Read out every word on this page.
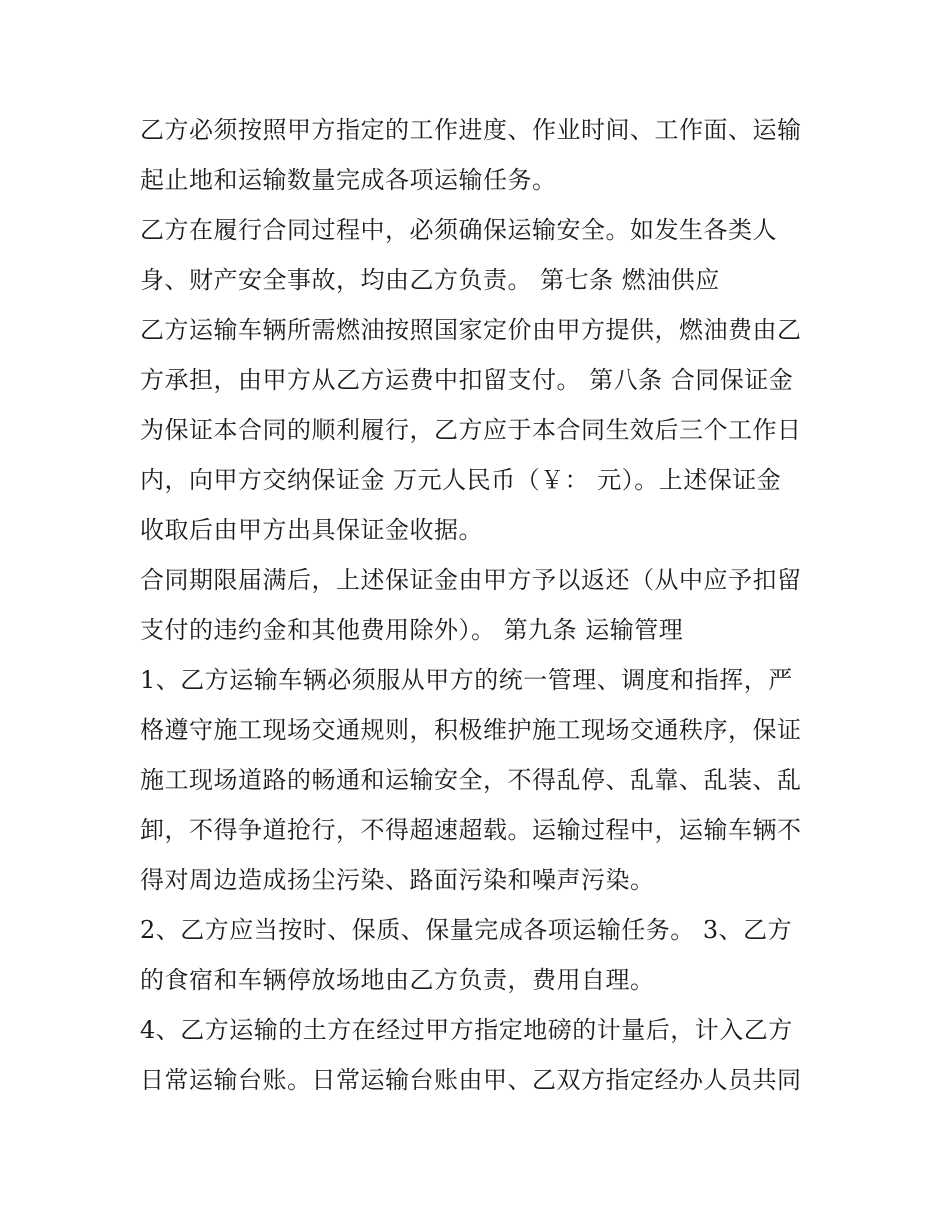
乙方必须按照甲方指定的工作进度、作业时间、工作面、运输
起止地和运输数量完成各项运输任务。
乙方在履行合同过程中，必须确保运输安全。如发生各类人
身、财产安全事故，均由乙方负责。 第七条 燃油供应
乙方运输车辆所需燃油按照国家定价由甲方提供，燃油费由乙
方承担，由甲方从乙方运费中扣留支付。 第八条 合同保证金
为保证本合同的顺利履行，乙方应于本合同生效后三个工作日
内，向甲方交纳保证金 万元人民币（￥： 元）。上述保证金
收取后由甲方出具保证金收据。
合同期限届满后，上述保证金由甲方予以返还（从中应予扣留
支付的违约金和其他费用除外）。 第九条 运输管理
1、乙方运输车辆必须服从甲方的统一管理、调度和指挥，严
格遵守施工现场交通规则，积极维护施工现场交通秩序，保证
施工现场道路的畅通和运输安全，不得乱停、乱靠、乱装、乱
卸，不得争道抢行，不得超速超载。运输过程中，运输车辆不
得对周边造成扬尘污染、路面污染和噪声污染。
2、乙方应当按时、保质、保量完成各项运输任务。 3、乙方
的食宿和车辆停放场地由乙方负责，费用自理。
4、乙方运输的土方在经过甲方指定地磅的计量后，计入乙方
日常运输台账。日常运输台账由甲、乙双方指定经办人员共同
